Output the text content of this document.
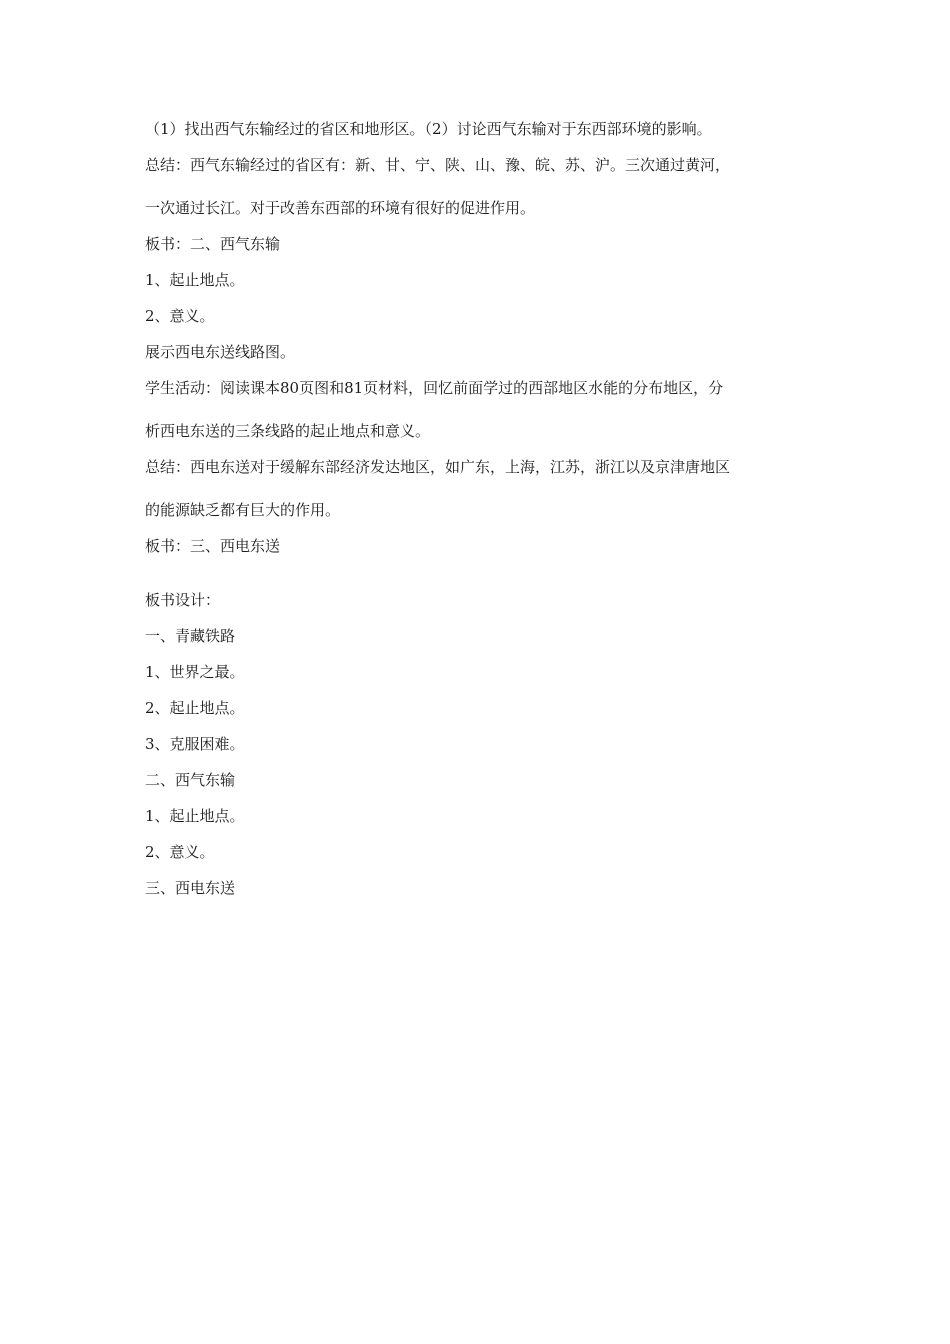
（1）找出西气东输经过的省区和地形区。（2）讨论西气东输对于东西部环境的影响。

总结：西气东输经过的省区有：新、甘、宁、陕、山、豫、皖、苏、沪。三次通过黄河，

一次通过长江。对于改善东西部的环境有很好的促进作用。

板书：二、西气东输

1、起止地点。

2、意义。

展示西电东送线路图。

学生活动：阅读课本80页图和81页材料，回忆前面学过的西部地区水能的分布地区，分

析西电东送的三条线路的起止地点和意义。

总结：西电东送对于缓解东部经济发达地区，如广东，上海，江苏，浙江以及京津唐地区

的能源缺乏都有巨大的作用。

板书：三、西电东送

板书设计：

一、青藏铁路

1、世界之最。

2、起止地点。

3、克服困难。

二、西气东输

1、起止地点。

2、意义。

三、西电东送
